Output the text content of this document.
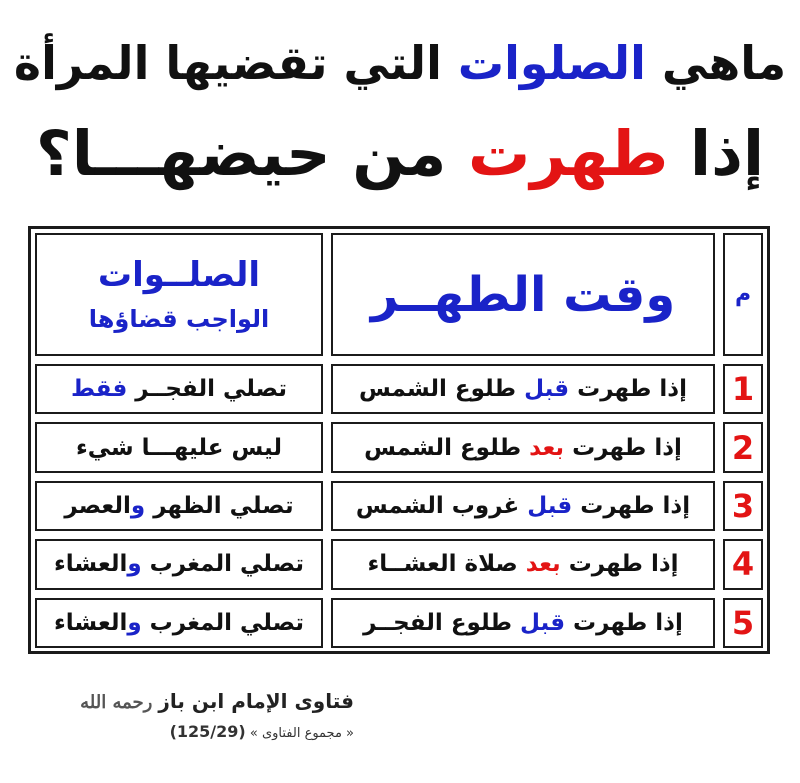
ماهي الصلوات التي تقضيها المرأة
إذا طهرت من حيضهـــا؟
م
وقت الطهــر
الصلــوات
الواجب قضاؤها
1
إذا طهرت قبل طلوع الشمس
تصلي الفجــر فقط
2
إذا طهرت بعد طلوع الشمس
ليس عليهـــا شيء
3
إذا طهرت قبل غروب الشمس
تصلي الظهر والعصر
4
إذا طهرت بعد صلاة العشــاء
تصلي المغرب والعشاء
5
إذا طهرت قبل طلوع الفجــر
تصلي المغرب والعشاء
فتاوى الإمام ابن بازرحمه الله
« مجموع الفتاوى » (125/29)
